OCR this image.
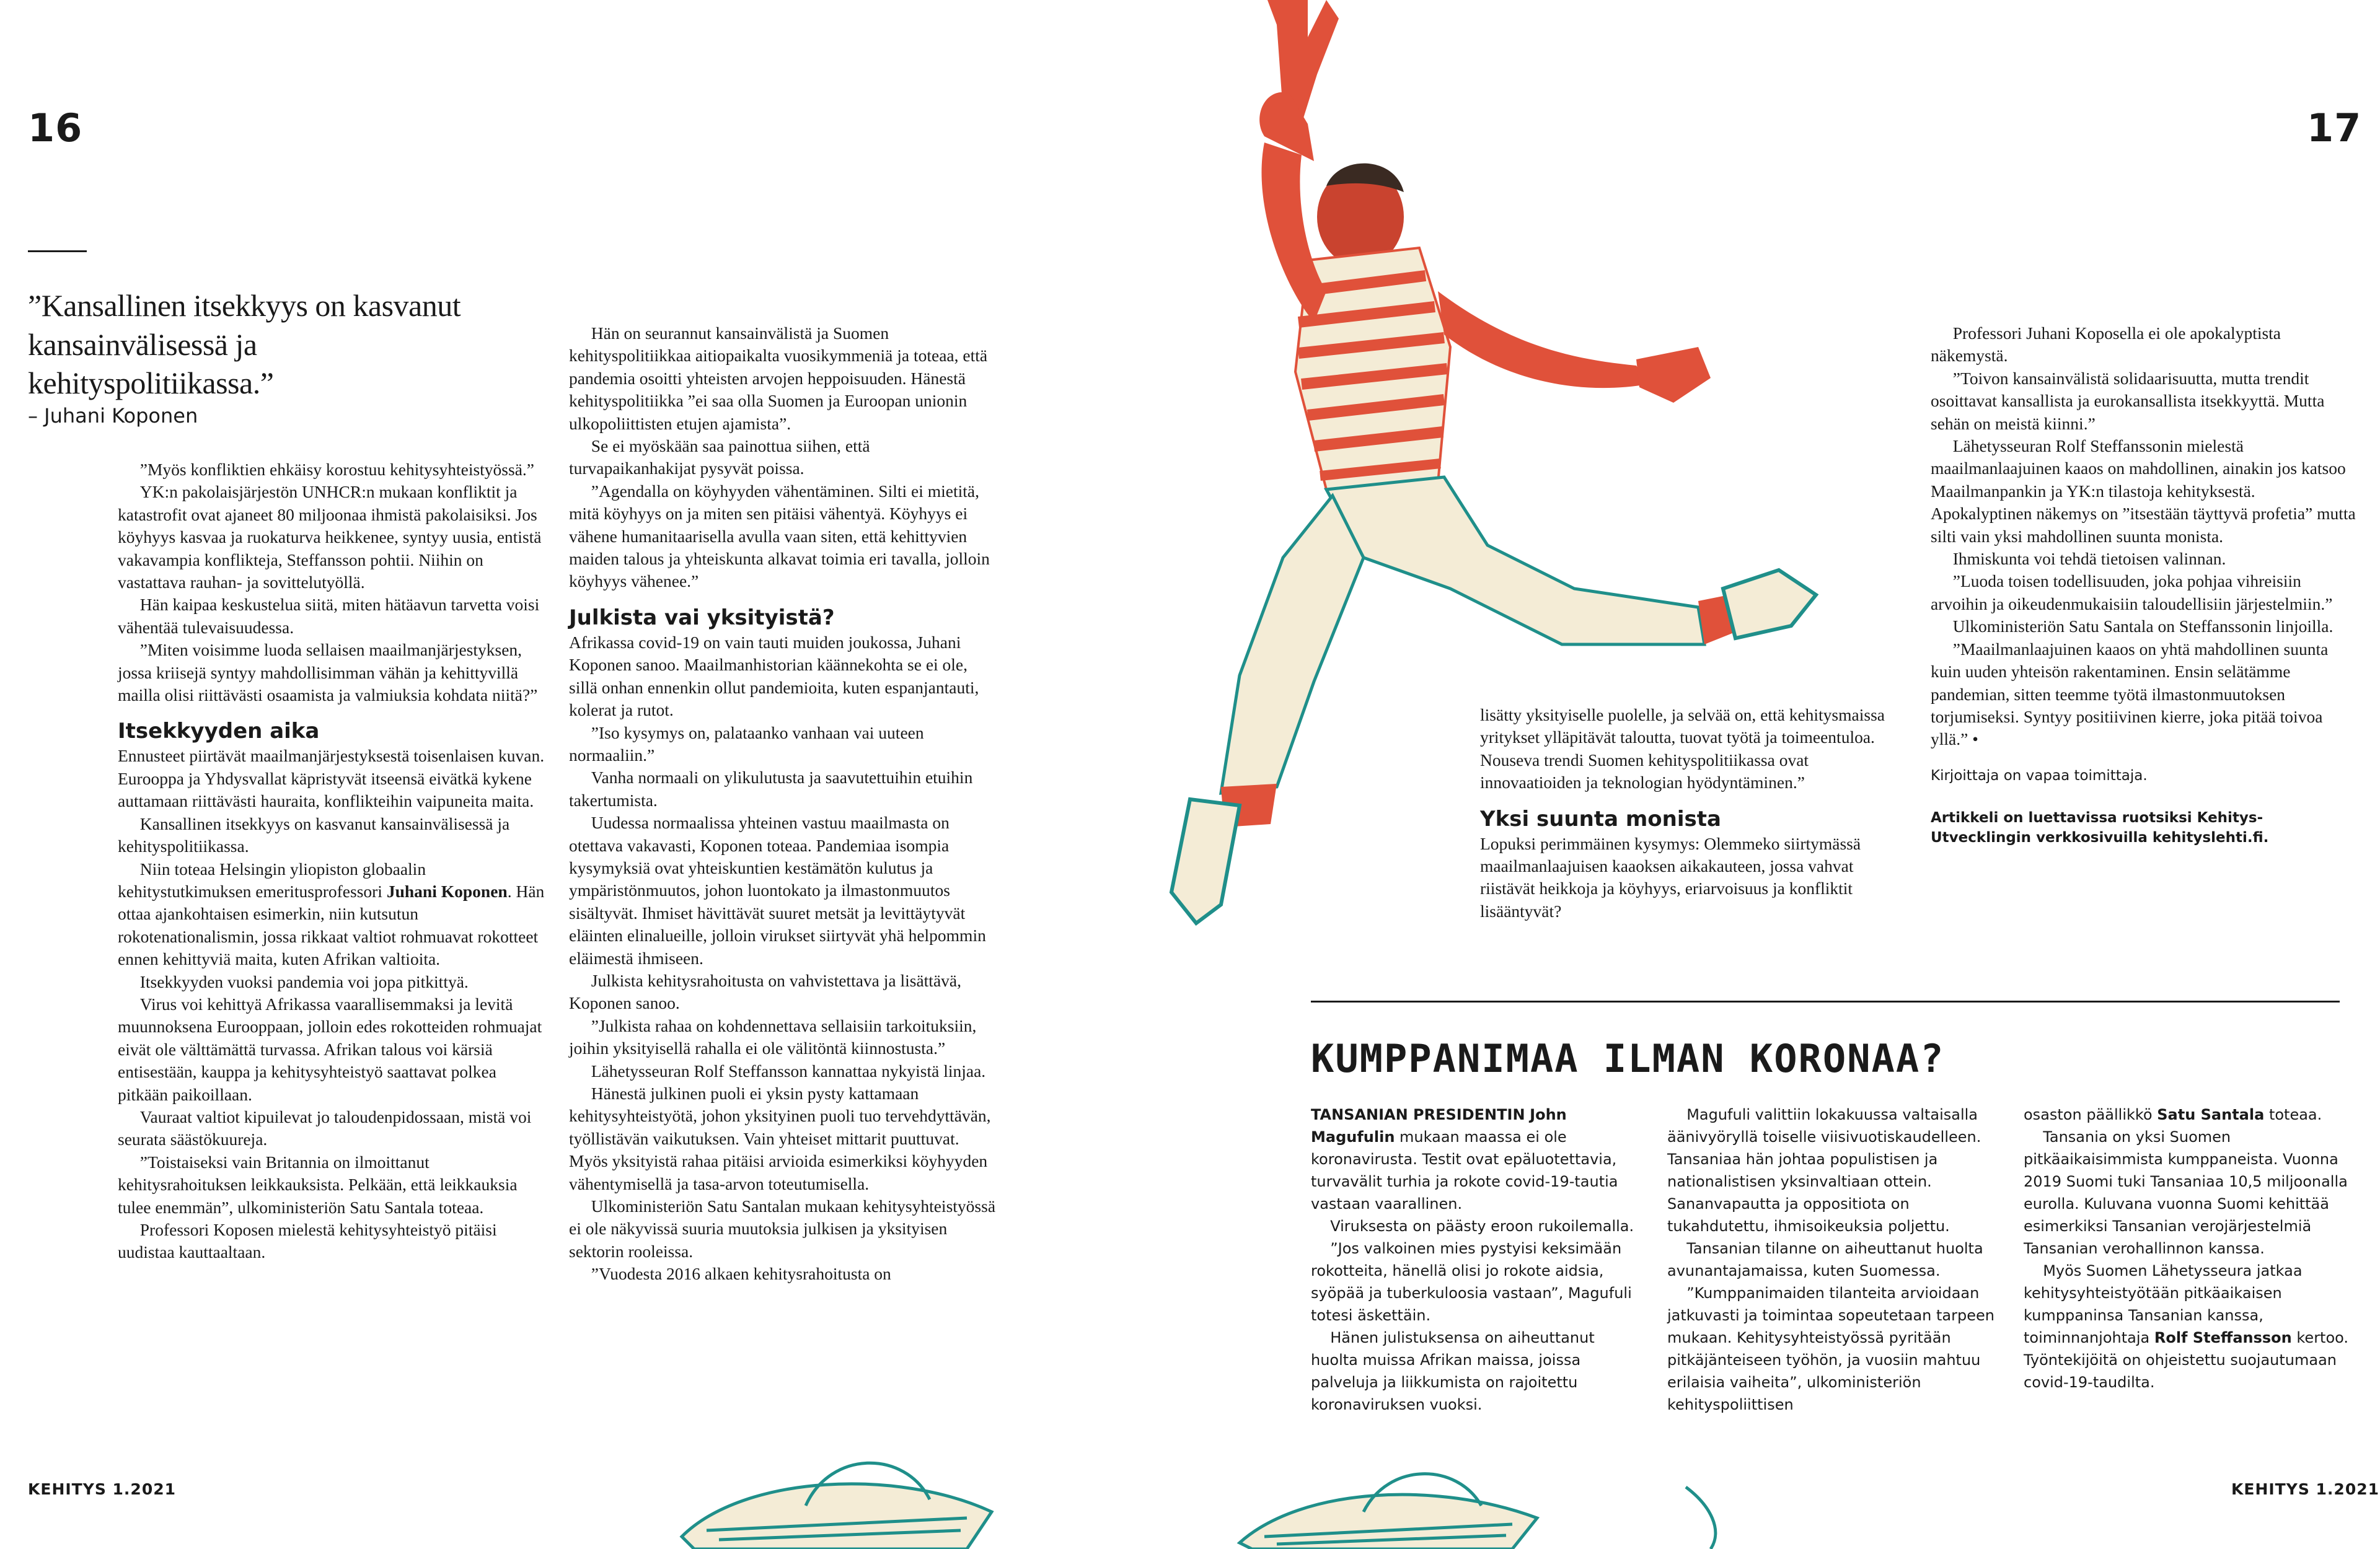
16	17
”Kansallinen itsekkyys on kasvanut kansainvälisessä ja kehityspolitiikassa.”
– Juhani Koponen

”Myös konfliktien ehkäisy korostuu kehitysyhteistyössä.”

YK:n pakolaisjärjestön UNHCR:n mukaan konfliktit ja katastrofit ovat ajaneet 80 miljoonaa ihmistä pakolaisiksi. Jos köyhyys kasvaa ja ruokaturva heikkenee, syntyy uusia, entistä vakavampia konflikteja, Steffansson pohtii. Niihin on vastattava rauhan- ja sovittelutyöllä.

Hän kaipaa keskustelua siitä, miten hätäavun tarvetta voisi vähentää tulevaisuudessa.

”Miten voisimme luoda sellaisen maailmanjärjestyksen, jossa kriisejä syntyy mahdollisimman vähän ja kehittyvillä mailla olisi riittävästi osaamista ja valmiuksia kohdata niitä?”

Itsekkyyden aika

Ennusteet piirtävät maailmanjärjestyksestä toisenlaisen kuvan. Eurooppa ja Yhdysvallat käpristyvät itseensä eivätkä kykene auttamaan riittävästi hauraita, konflikteihin vaipuneita maita.

Kansallinen itsekkyys on kasvanut kansainvälisessä ja kehityspolitiikassa.

Niin toteaa Helsingin yliopiston globaalin kehitystutkimuksen emeritusprofessori Juhani Koponen. Hän ottaa ajankohtaisen esimerkin, niin kutsutun rokotenationalismin, jossa rikkaat valtiot rohmuavat rokotteet ennen kehittyviä maita, kuten Afrikan valtioita.

Itsekkyyden vuoksi pandemia voi jopa pitkittyä.

Virus voi kehittyä Afrikassa vaarallisemmaksi ja levitä muunnoksena Eurooppaan, jolloin edes rokotteiden rohmuajat eivät ole välttämättä turvassa. Afrikan talous voi kärsiä entisestään, kauppa ja kehitysyhteistyö saattavat polkea pitkään paikoillaan.

Vauraat valtiot kipuilevat jo taloudenpidossaan, mistä voi seurata säästökuureja.

”Toistaiseksi vain Britannia on ilmoittanut kehitysrahoituksen leikkauksista. Pelkään, että leikkauksia tulee enemmän”, ulkoministeriön Satu Santala toteaa.

Professori Koposen mielestä kehitysyhteistyö pitäisi uudistaa kauttaaltaan.

Hän on seurannut kansainvälistä ja Suomen kehityspolitiikkaa aitiopaikalta vuosikymmeniä ja toteaa, että pandemia osoitti yhteisten arvojen heppoisuuden. Hänestä kehityspolitiikka ”ei saa olla Suomen ja Euroopan unionin ulkopoliittisten etujen ajamista”.

Se ei myöskään saa painottua siihen, että turvapaikanhakijat pysyvät poissa.

”Agendalla on köyhyyden vähentäminen. Silti ei mietitä, mitä köyhyys on ja miten sen pitäisi vähentyä. Köyhyys ei vähene humanitaarisella avulla vaan siten, että kehittyvien maiden talous ja yhteiskunta alkavat toimia eri tavalla, jolloin köyhyys vähenee.”

Julkista vai yksityistä?

Afrikassa covid-19 on vain tauti muiden joukossa, Juhani Koponen sanoo. Maailmanhistorian käännekohta se ei ole, sillä onhan ennenkin ollut pandemioita, kuten espanjantauti, kolerat ja rutot.

”Iso kysymys on, palataanko vanhaan vai uuteen normaaliin.”

Vanha normaali on ylikulutusta ja saavutettuihin etuihin takertumista.

Uudessa normaalissa yhteinen vastuu maailmasta on otettava vakavasti, Koponen toteaa. Pandemiaa isompia kysymyksiä ovat yhteiskuntien kestämätön kulutus ja ympäristönmuutos, johon luontokato ja ilmastonmuutos sisältyvät. Ihmiset hävittävät suuret metsät ja levittäytyvät eläinten elinalueille, jolloin virukset siirtyvät yhä helpommin eläimestä ihmiseen.

Julkista kehitysrahoitusta on vahvistettava ja lisättävä, Koponen sanoo.

”Julkista rahaa on kohdennettava sellaisiin tarkoituksiin, joihin yksityisellä rahalla ei ole välitöntä kiinnostusta.”

Lähetysseuran Rolf Steffansson kannattaa nykyistä linjaa.

Hänestä julkinen puoli ei yksin pysty kattamaan kehitysyhteistyötä, johon yksityinen puoli tuo tervehdyttävän, työllistävän vaikutuksen. Vain yhteiset mittarit puuttuvat. Myös yksityistä rahaa pitäisi arvioida esimerkiksi köyhyyden vähentymisellä ja tasa-arvon toteutumisella.

Ulkoministeriön Satu Santalan mukaan kehitysyhteistyössä ei ole näkyvissä suuria muutoksia julkisen ja yksityisen sektorin rooleissa.

”Vuodesta 2016 alkaen kehitysrahoitusta on

lisätty yksityiselle puolelle, ja selvää on, että kehitysmaissa yritykset ylläpitävät taloutta, tuovat työtä ja toimeentuloa. Nouseva trendi Suomen kehityspolitiikassa ovat innovaatioiden ja teknologian hyödyntäminen.”

Yksi suunta monista

Lopuksi perimmäinen kysymys: Olemmeko siirtymässä maailmanlaajuisen kaaoksen aikakauteen, jossa vahvat riistävät heikkoja ja köyhyys, eriarvoisuus ja konfliktit lisääntyvät?

Professori Juhani Koposella ei ole apokalyptista näkemystä.

”Toivon kansainvälistä solidaarisuutta, mutta trendit osoittavat kansallista ja eurokansallista itsekkyyttä. Mutta sehän on meistä kiinni.”

Lähetysseuran Rolf Steffanssonin mielestä maailmanlaajuinen kaaos on mahdollinen, ainakin jos katsoo Maailmanpankin ja YK:n tilastoja kehityksestä. Apokalyptinen näkemys on ”itsestään täyttyvä profetia” mutta silti vain yksi mahdollinen suunta monista.

Ihmiskunta voi tehdä tietoisen valinnan.

”Luoda toisen todellisuuden, joka pohjaa vihreisiin arvoihin ja oikeudenmukaisiin taloudellisiin järjestelmiin.”

Ulkoministeriön Satu Santala on Steffanssonin linjoilla.

”Maailmanlaajuinen kaaos on yhtä mahdollinen suunta kuin uuden yhteisön rakentaminen. Ensin selätämme pandemian, sitten teemme työtä ilmastonmuutoksen torjumiseksi. Syntyy positiivinen kierre, joka pitää toivoa yllä.” •

Kirjoittaja on vapaa toimittaja.

Artikkeli on luettavissa ruotsiksi Kehitys-Utvecklingin verkkosivuilla kehityslehti.fi.

KUMPPANIMAA ILMAN KORONAA?

TANSANIAN PRESIDENTIN John Magufulin mukaan maassa ei ole koronavirusta. Testit ovat epäluotettavia, turvavälit turhia ja rokote covid-19-tautia vastaan vaarallinen.

Viruksesta on päästy eroon rukoilemalla.

”Jos valkoinen mies pystyisi keksimään rokotteita, hänellä olisi jo rokote aidsia, syöpää ja tuberkuloosia vastaan”, Magufuli totesi äskettäin.

Hänen julistuksensa on aiheuttanut huolta muissa Afrikan maissa, joissa palveluja ja liikkumista on rajoitettu koronaviruksen vuoksi.

Magufuli valittiin lokakuussa valtaisalla äänivyöryllä toiselle viisivuotiskaudelleen. Tansaniaa hän johtaa populistisen ja nationalistisen yksinvaltiaan ottein. Sananvapautta ja oppositiota on tukahdutettu, ihmisoikeuksia poljettu.

Tansanian tilanne on aiheuttanut huolta avunantajamaissa, kuten Suomessa.

”Kumppanimaiden tilanteita arvioidaan jatkuvasti ja toimintaa sopeutetaan tarpeen mukaan. Kehitysyhteistyössä pyritään pitkäjänteiseen työhön, ja vuosiin mahtuu erilaisia vaiheita”, ulkoministeriön kehityspoliittisen

osaston päällikkö Satu Santala toteaa.

Tansania on yksi Suomen pitkäaikaisimmista kumppaneista. Vuonna 2019 Suomi tuki Tansaniaa 10,5 miljoonalla eurolla. Kuluvana vuonna Suomi kehittää esimerkiksi Tansanian verojärjestelmiä Tansanian verohallinnon kanssa.

Myös Suomen Lähetysseura jatkaa kehitysyhteistyötään pitkäaikaisen kumppaninsa Tansanian kanssa, toiminnanjohtaja Rolf Steffansson kertoo. Työntekijöitä on ohjeistettu suojautumaan covid-19-taudilta.

KEHITYS 1.2021	KEHITYS 1.2021
